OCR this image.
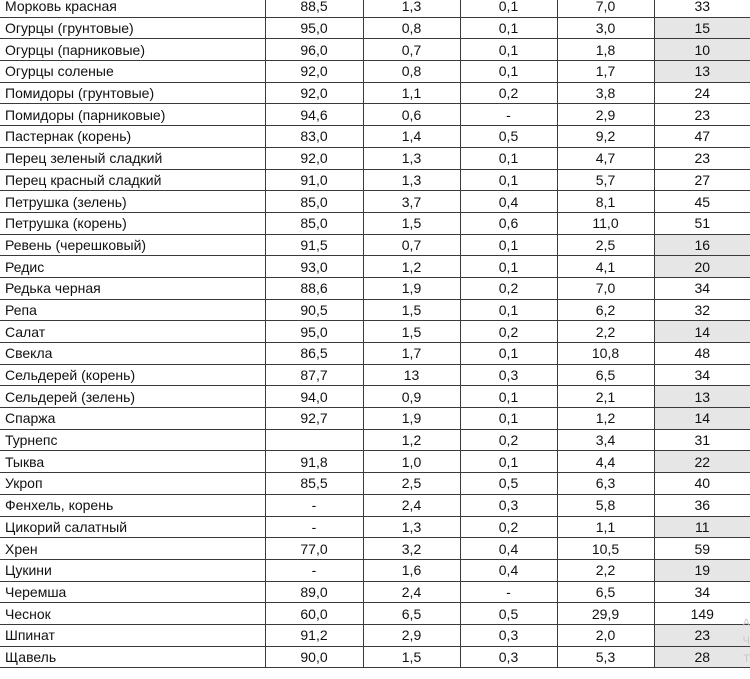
Морковь красная	88,5	1,3	0,1	7,0	33
Огурцы (грунтовые)	95,0	0,8	0,1	3,0	15
Огурцы (парниковые)	96,0	0,7	0,1	1,8	10
Огурцы соленые	92,0	0,8	0,1	1,7	13
Помидоры (грунтовые)	92,0	1,1	0,2	3,8	24
Помидоры (парниковые)	94,6	0,6	-	2,9	23
Пастернак (корень)	83,0	1,4	0,5	9,2	47
Перец зеленый сладкий	92,0	1,3	0,1	4,7	23
Перец красный сладкий	91,0	1,3	0,1	5,7	27
Петрушка (зелень)	85,0	3,7	0,4	8,1	45
Петрушка (корень)	85,0	1,5	0,6	11,0	51
Ревень (черешковый)	91,5	0,7	0,1	2,5	16
Редис	93,0	1,2	0,1	4,1	20
Редька черная	88,6	1,9	0,2	7,0	34
Репа	90,5	1,5	0,1	6,2	32
Салат	95,0	1,5	0,2	2,2	14
Свекла	86,5	1,7	0,1	10,8	48
Сельдерей (корень)	87,7	13	0,3	6,5	34
Сельдерей (зелень)	94,0	0,9	0,1	2,1	13
Спаржа	92,7	1,9	0,1	1,2	14
Турнепс		1,2	0,2	3,4	31
Тыква	91,8	1,0	0,1	4,4	22
Укроп	85,5	2,5	0,5	6,3	40
Фенхель, корень	-	2,4	0,3	5,8	36
Цикорий салатный	-	1,3	0,2	1,1	11
Хрен	77,0	3,2	0,4	10,5	59
Цукини	-	1,6	0,4	2,2	19
Черемша	89,0	2,4	-	6,5	34
Чеснок	60,0	6,5	0,5	29,9	149
Шпинат	91,2	2,9	0,3	2,0	23
Щавель	90,0	1,5	0,3	5,3	28
А
Ч
Т
